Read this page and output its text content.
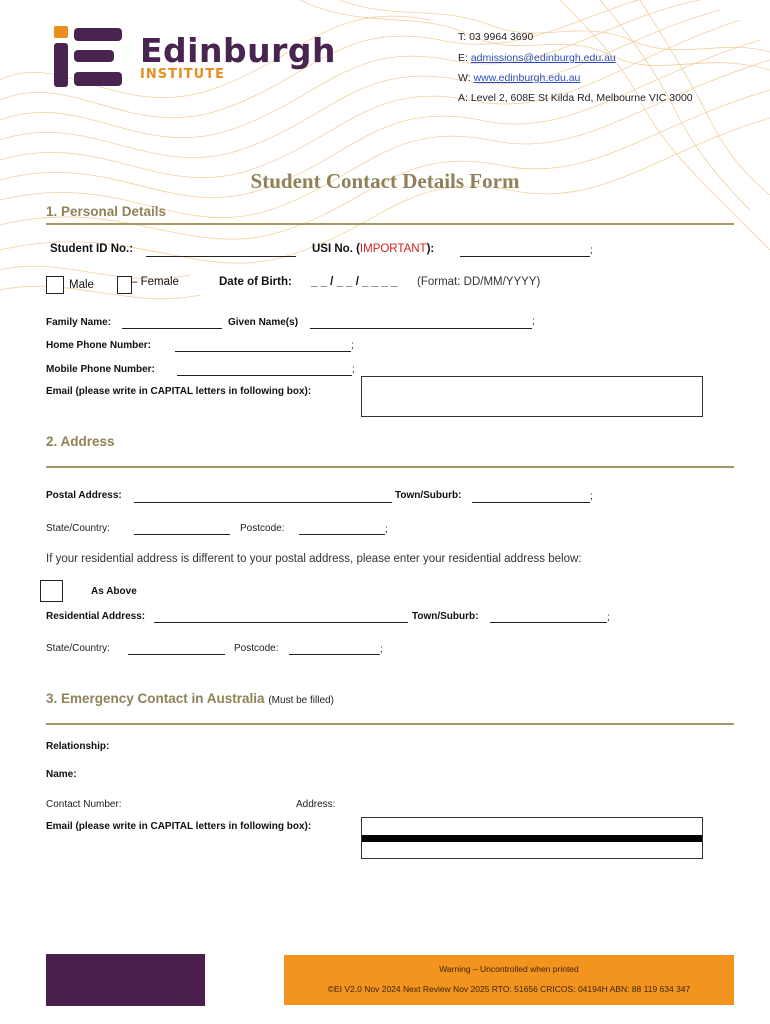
Edinburgh
INSTITUTE
T: 03 9964 3690
E: admissions@edinburgh.edu.au
W: www.edinburgh.edu.au
A: Level 2, 608E St Kilda Rd, Melbourne VIC 3000
Student Contact Details Form
1. Personal Details
Student ID No.:	USI No. (IMPORTANT):	;
Male	– Female	Date of Birth: _ _ / _ _ / _ _ _ _ (Format: DD/MM/YYYY)
Family Name:	Given Name(s)	;
Home Phone Number:	;
Mobile Phone Number:	;
Email (please write in CAPITAL letters in following box):
2. Address
Postal Address:	Town/Suburb:	;
State/Country:	Postcode:	;
If your residential address is different to your postal address, please enter your residential address below:
As Above
Residential Address:	Town/Suburb:	;
State/Country:	Postcode:	;
3. Emergency Contact in Australia (Must be filled)
Relationship:
Name:
Contact Number:	Address:
Email (please write in CAPITAL letters in following box):
Warning – Uncontrolled when printed
©EI V2.0 Nov 2024 Next Review Nov 2025 RTO: 51656 CRICOS: 04194H ABN: 88 119 634 347
